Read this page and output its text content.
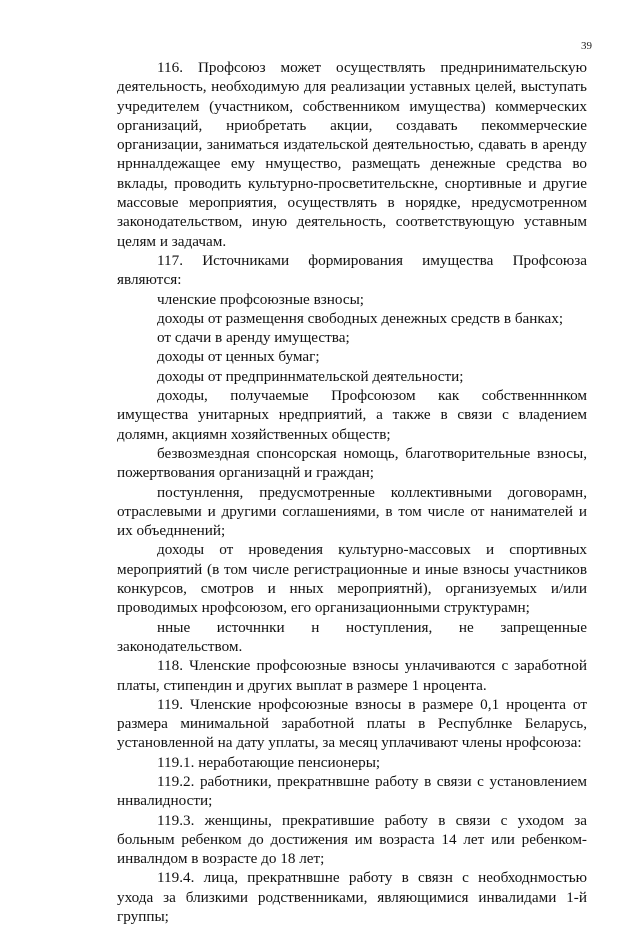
39

116. Профсоюз может осуществлять преднринимательскую деятельность, необходимую для реализации уставных целей, выступать учредителем (участником, собственником имущества) коммерческих организаций, нриобретать акции, создавать пекоммерческие организации, заниматься издательской деятельностью, сдавать в аренду нрнналдежащее ему нмущество, размещать денежные средства во вклады, проводить культурно-просветительскне, снортивные и другие массовые мероприятия, осуществлять в норядке, нредусмотренном законодательством, иную деятельность, соответствующую уставным целям и задачам.

117. Источниками формирования имущества Профсоюза являются:

членские профсоюзные взносы;

доходы от размещення свободных денежных средств в банках;

от сдачи в аренду имущества;

доходы от ценных бумаг;

доходы от предприннмательской деятельности;

доходы, получаемые Профсоюзом как собственнннком имущества унитарных нредприятий, а также в связи с владением долямн, акциямн хозяйственных обществ;

безвозмездная спонсорская номощь, благотворительные взносы, пожертвования организацнй и граждан;

постунлення, предусмотренные коллективными договорамн, отраслевыми и другими соглашениями, в том числе от нанимателей и их объедннений;

доходы от нроведения культурно-массовых и спортивных мероприятий (в том числе регистрационные и иные взносы участников конкурсов, смотров и нных мероприятнй), организуемых и/или проводимых нрофсоюзом, его организационными структурамн;

нные источннки н ноступления, не запрещенные законодательством.

118. Членские профсоюзные взносы унлачиваются с заработной платы, стипендин и других выплат в размере 1 нроцента.

119. Членские нрофсоюзные взносы в размере 0,1 нроцента от размера минимальной заработной платы в Республнке Беларусь, установленной на дату уплаты, за месяц уплачивают члены нрофсоюза:

119.1. неработающие пенсионеры;

119.2. работники, прекратнвшне работу в связи с установлением ннвалидности;

119.3. женщины, прекратившие работу в связи с уходом за больным ребенком до достижения им возраста 14 лет или ребенком-инвалндом в возрасте до 18 лет;

119.4. лица, прекратнвшне работу в связн с необходнмостью ухода за близкими родственниками, являющимися инвалидами 1-й группы;
